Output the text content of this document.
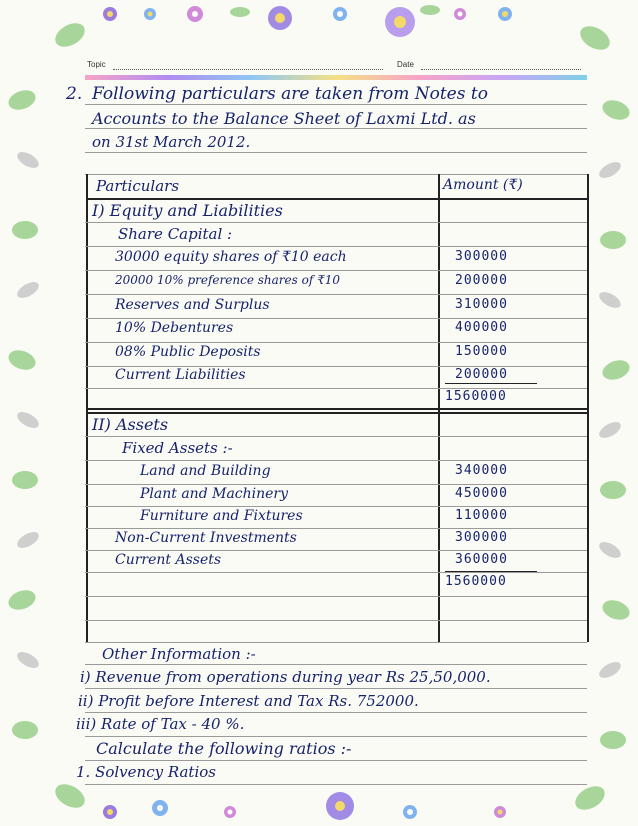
Topic	Date
2. Following particulars are taken from Notes to
Accounts to the Balance Sheet of Laxmi Ltd. as
on 31st March 2012.
Particulars	Amount (₹)
I) Equity and Liabilities
Share Capital :
30000 equity shares of ₹10 each	300000
20000 10% preference shares of ₹10	200000
Reserves and Surplus	310000
10% Debentures	400000
08% Public Deposits	150000
Current Liabilities	200000
1560000
II) Assets
Fixed Assets :-
Land and Building	340000
Plant and Machinery	450000
Furniture and Fixtures	110000
Non-Current Investments	300000
Current Assets	360000
1560000
Other Information :-
i) Revenue from operations during year Rs 25,50,000.
ii) Profit before Interest and Tax Rs. 752000.
iii) Rate of Tax - 40 %.
Calculate the following ratios :-
1. Solvency Ratios
